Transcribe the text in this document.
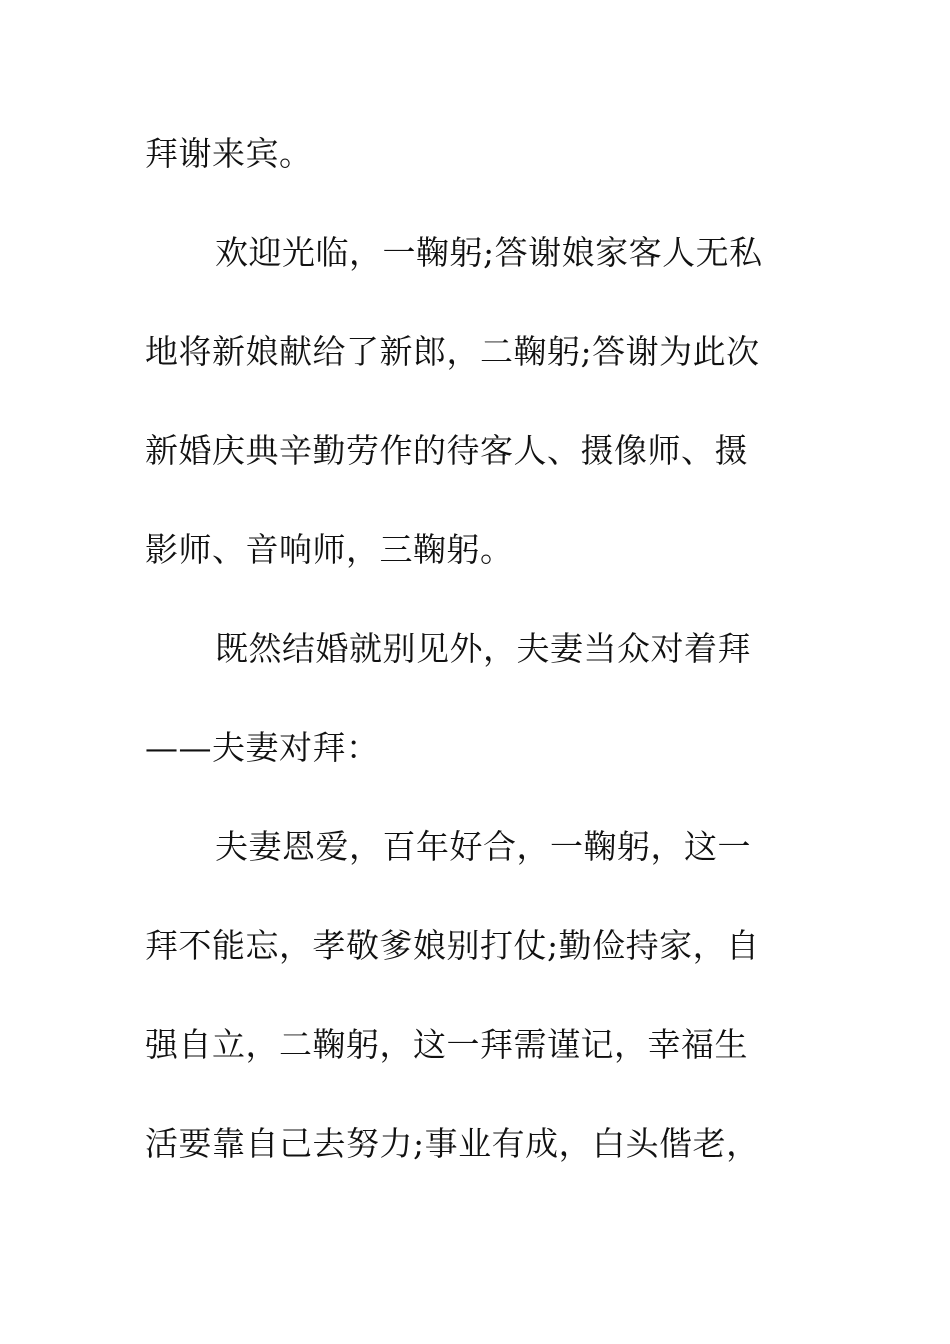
拜谢来宾。
欢迎光临，一鞠躬;答谢娘家客人无私
地将新娘献给了新郎，二鞠躬;答谢为此次
新婚庆典辛勤劳作的待客人、摄像师、摄
影师、音响师，三鞠躬。
既然结婚就别见外，夫妻当众对着拜
——夫妻对拜：
夫妻恩爱，百年好合，一鞠躬，这一
拜不能忘，孝敬爹娘别打仗;勤俭持家，自
强自立，二鞠躬，这一拜需谨记，幸福生
活要靠自己去努力;事业有成，白头偕老，
